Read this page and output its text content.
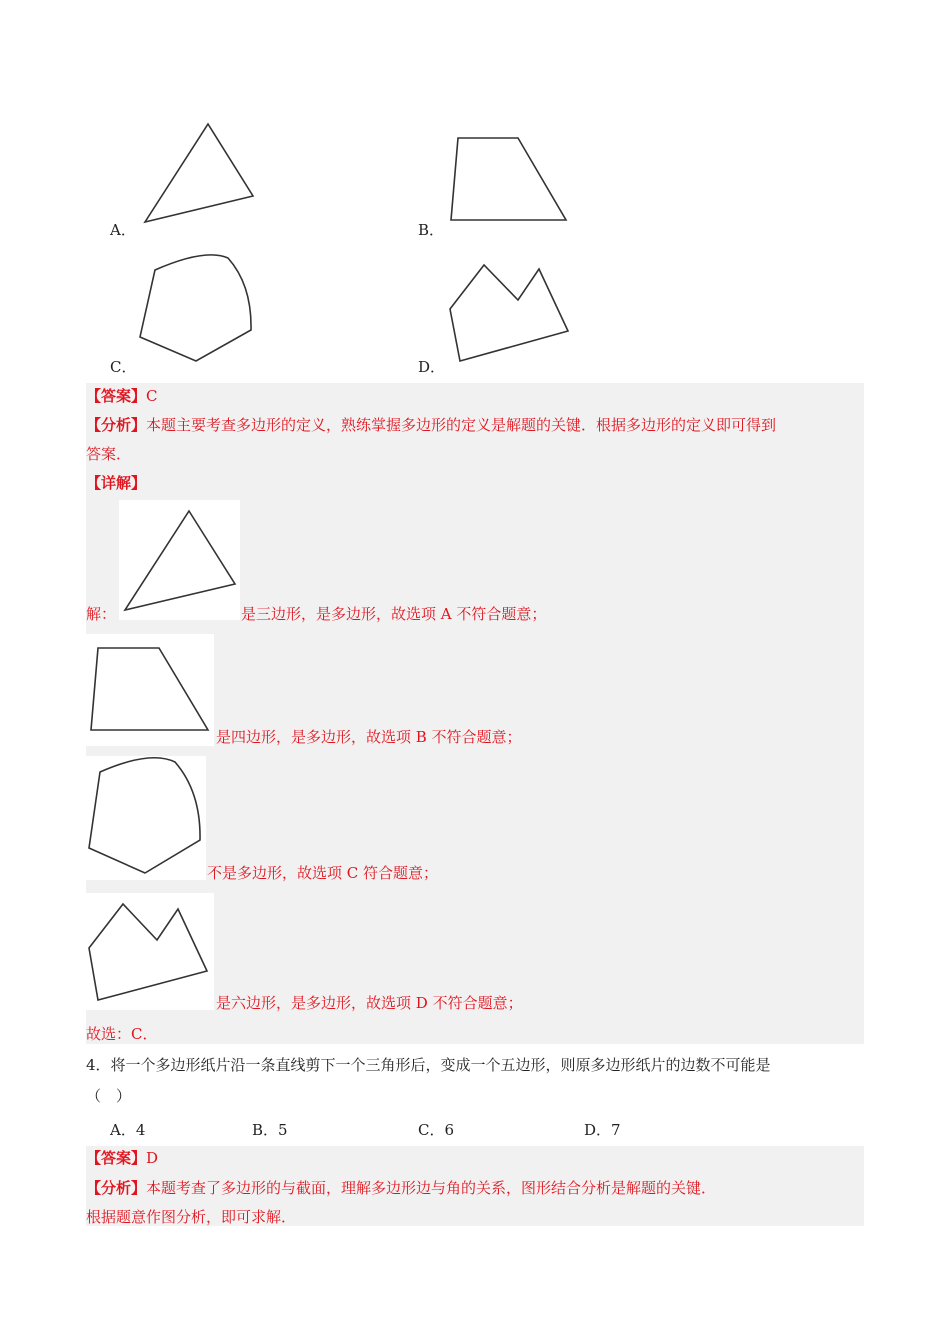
A．	B．
C．	D．
【答案】C
【分析】本题主要考查多边形的定义，熟练掌握多边形的定义是解题的关键．根据多边形的定义即可得到
答案．
【详解】
解：	是三边形，是多边形，故选项 A 不符合题意；
是四边形，是多边形，故选项 B 不符合题意；
不是多边形，故选项 C 符合题意；
是六边形，是多边形，故选项 D 不符合题意；
故选：C．
4．将一个多边形纸片沿一条直线剪下一个三角形后，变成一个五边形，则原多边形纸片的边数不可能是
（　）
A．4	B．5	C．6	D．7
【答案】D
【分析】本题考查了多边形的与截面，理解多边形边与角的关系，图形结合分析是解题的关键．
根据题意作图分析，即可求解．
